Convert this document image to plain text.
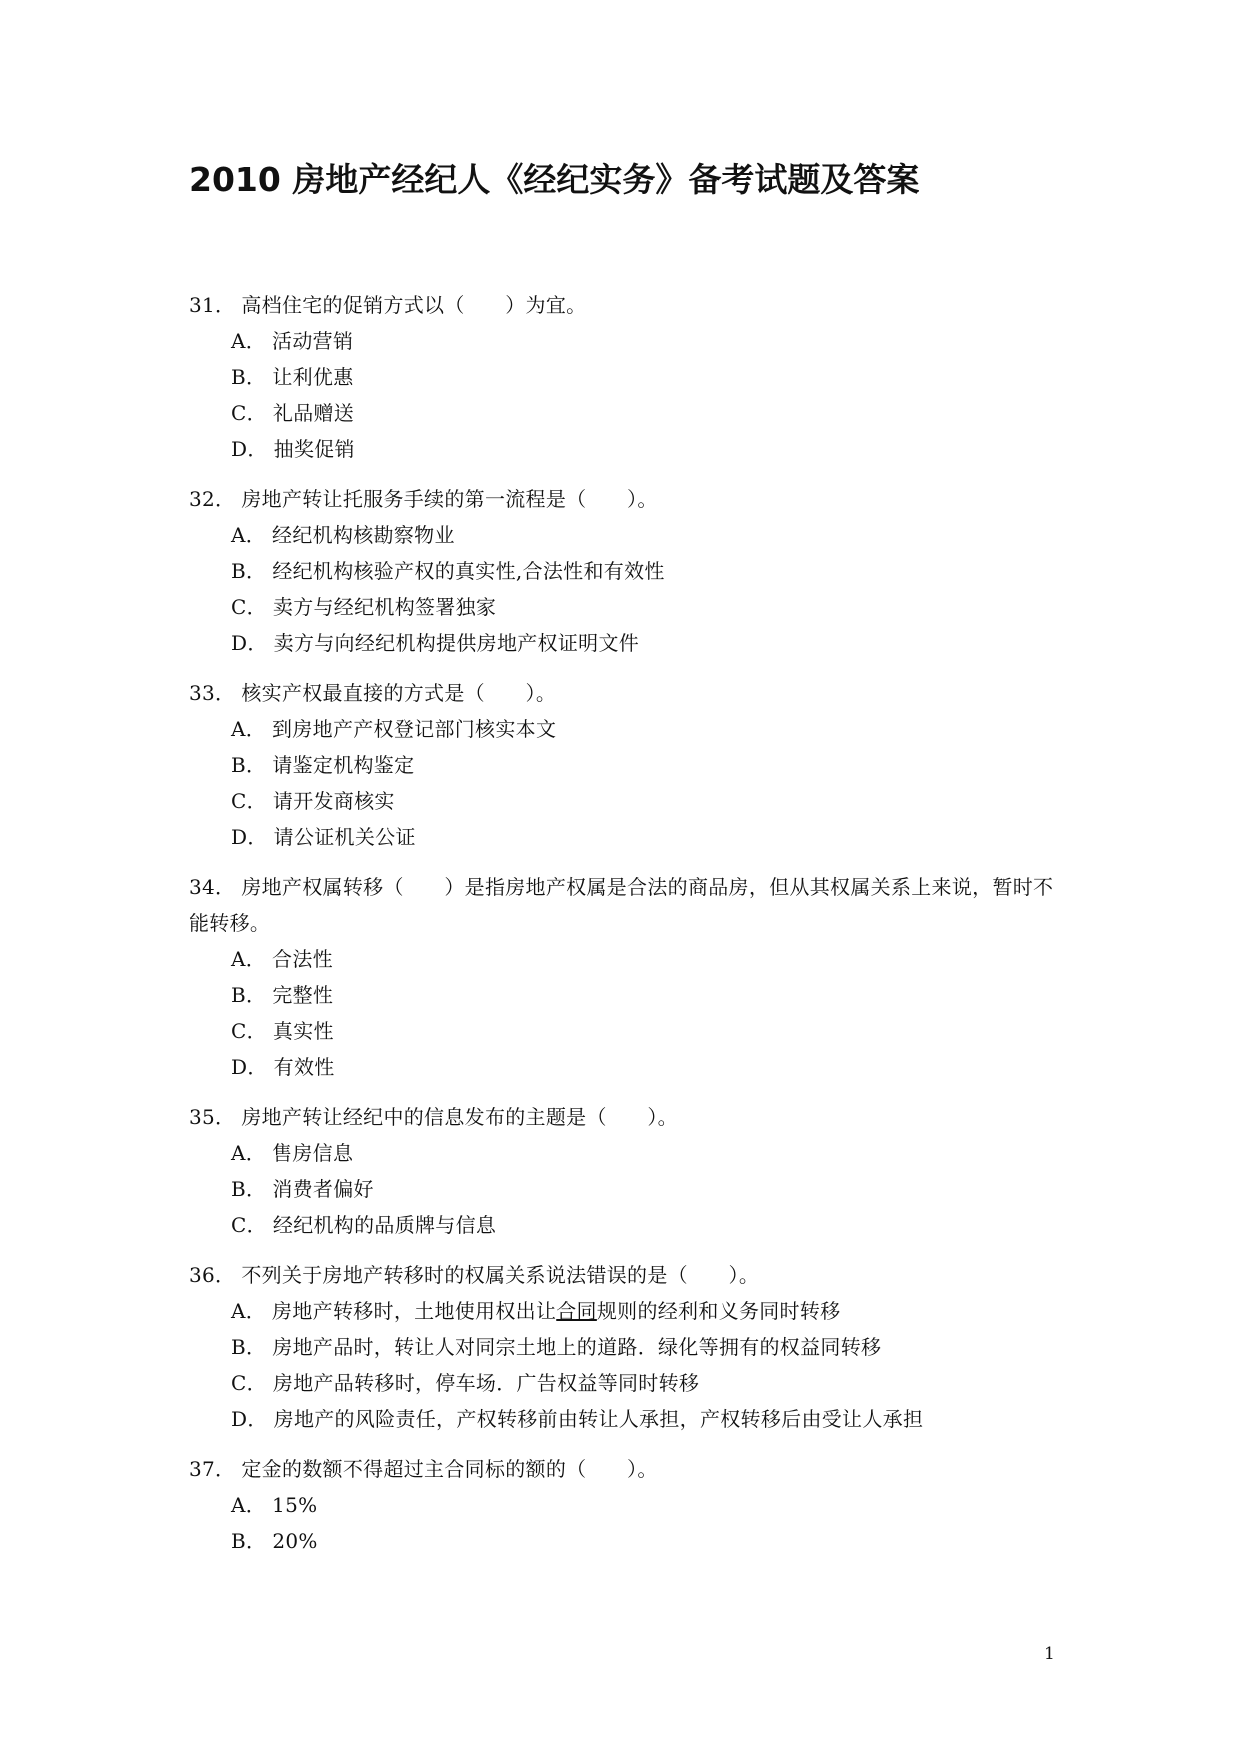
2010 房地产经纪人《经纪实务》备考试题及答案

31． 高档住宅的促销方式以（　　）为宜。

A． 活动营销
B． 让利优惠
C． 礼品赠送
D． 抽奖促销

32． 房地产转让托服务手续的第一流程是（　　）。

A． 经纪机构核勘察物业
B． 经纪机构核验产权的真实性,合法性和有效性
C． 卖方与经纪机构签署独家
D． 卖方与向经纪机构提供房地产权证明文件

33． 核实产权最直接的方式是（　　）。

A． 到房地产产权登记部门核实本文
B． 请鉴定机构鉴定
C． 请开发商核实
D． 请公证机关公证

34． 房地产权属转移（　　）是指房地产权属是合法的商品房，但从其权属关系上来说，暂时不能转移。

A． 合法性
B． 完整性
C． 真实性
D． 有效性

35． 房地产转让经纪中的信息发布的主题是（　　）。

A． 售房信息
B． 消费者偏好
C． 经纪机构的品质牌与信息

36． 不列关于房地产转移时的权属关系说法错误的是（　　）。

A． 房地产转移时，土地使用权出让合同规则的经利和义务同时转移
B． 房地产品时，转让人对同宗土地上的道路．绿化等拥有的权益同转移
C． 房地产品转移时，停车场．广告权益等同时转移
D． 房地产的风险责任，产权转移前由转让人承担，产权转移后由受让人承担

37． 定金的数额不得超过主合同标的额的（　　）。

A． 15%
B． 20%
1
